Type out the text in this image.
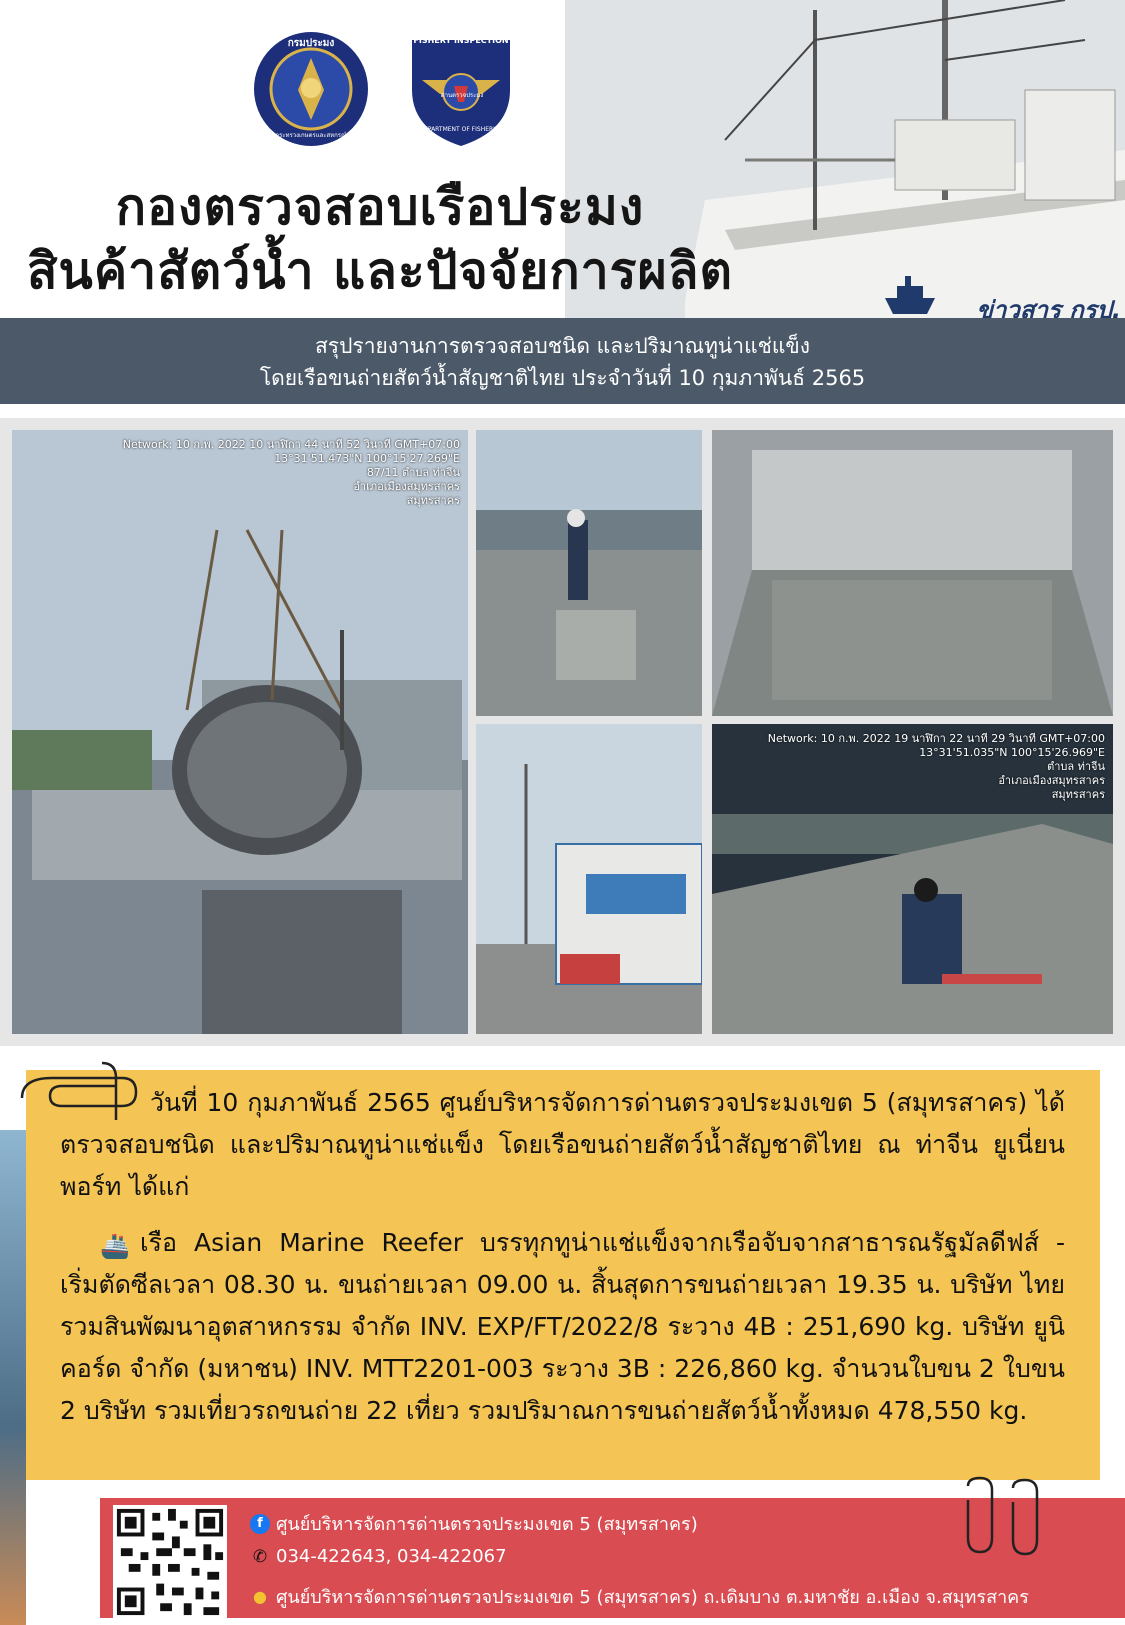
กรมประมง
กระทรวงเกษตรและสหกรณ์
FISHERY INSPECTION
ด่านตรวจประมง
DEPARTMENT OF FISHERIES
กองตรวจสอบเรือประมง
สินค้าสัตว์น้ำ และปัจจัยการผลิต
ข่าวสาร กรป.
สรุปรายงานการตรวจสอบชนิด และปริมาณทูน่าแช่แข็ง
โดยเรือขนถ่ายสัตว์น้ำสัญชาติไทย ประจำวันที่ 10 กุมภาพันธ์ 2565
Network: 10 ก.พ. 2022 10 นาฬิกา 44 นาที 52 วินาที GMT+07:00
13°31'51.473"N 100°15'27.269"E
87/11 ตำบล ท่าจีน
อำเภอเมืองสมุทรสาคร
สมุทรสาคร
Network: 10 ก.พ. 2022 19 นาฬิกา 22 นาที 29 วินาที GMT+07:00
13°31'51.035"N 100°15'26.969"E
ตำบล ท่าจีน
อำเภอเมืองสมุทรสาคร
สมุทรสาคร
วันที่ 10 กุมภาพันธ์ 2565 ศูนย์บริหารจัดการด่านตรวจประมงเขต 5 (สมุทรสาคร) ได้ตรวจสอบชนิด และปริมาณทูน่าแช่แข็ง โดยเรือขนถ่ายสัตว์น้ำสัญชาติไทย ณ ท่าจีน ยูเนี่ยน พอร์ท ได้แก่
🚢 เรือ Asian Marine Reefer บรรทุกทูน่าแช่แข็งจากเรือจับจากสาธารณรัฐมัลดีฟส์ - เริ่มตัดซีลเวลา 08.30 น. ขนถ่ายเวลา 09.00 น. สิ้นสุดการขนถ่ายเวลา 19.35 น. บริษัท ไทยรวมสินพัฒนาอุตสาหกรรม จำกัด INV. EXP/FT/2022/8 ระวาง 4B : 251,690 kg. บริษัท ยูนิคอร์ด จำกัด (มหาชน) INV. MTT2201-003 ระวาง 3B : 226,860 kg. จำนวนใบขน 2 ใบขน 2 บริษัท รวมเที่ยวรถขนถ่าย 22 เที่ยว รวมปริมาณการขนถ่ายสัตว์น้ำทั้งหมด 478,550 kg.
f ศูนย์บริหารจัดการด่านตรวจประมงเขต 5 (สมุทรสาคร)
✆ 034-422643, 034-422067
● ศูนย์บริหารจัดการด่านตรวจประมงเขต 5 (สมุทรสาคร) ถ.เดิมบาง ต.มหาชัย อ.เมือง จ.สมุทรสาคร
